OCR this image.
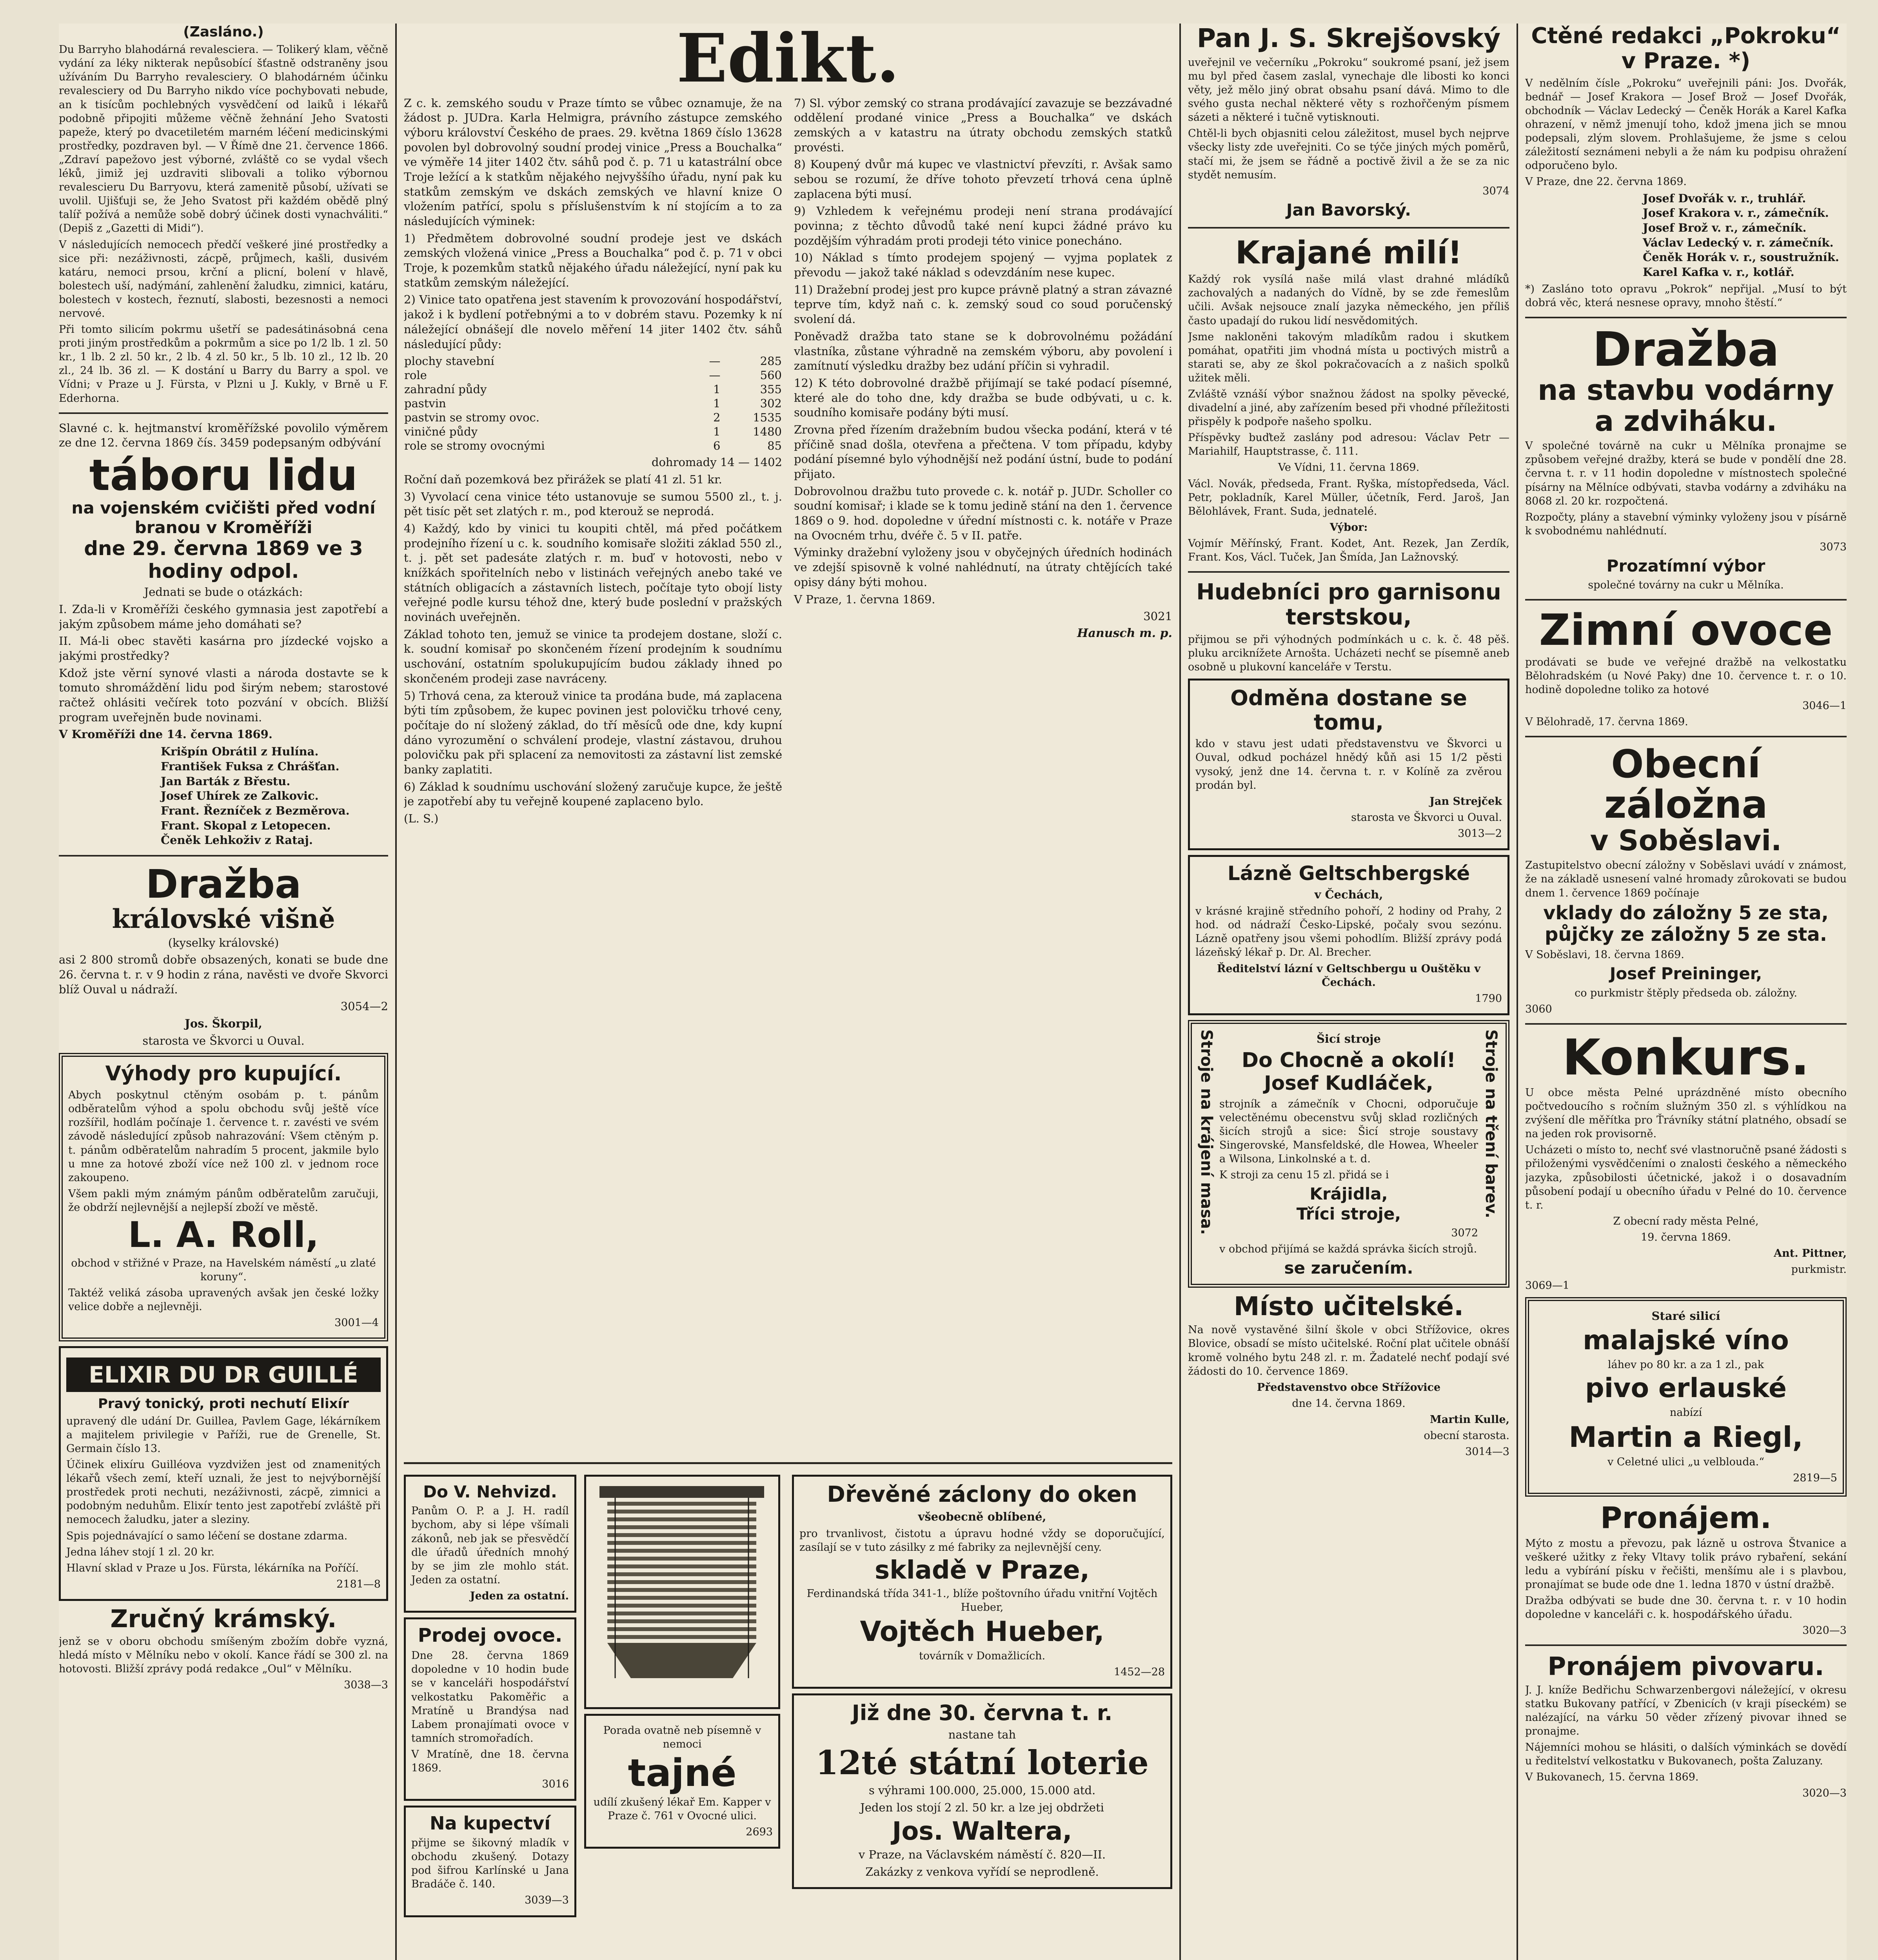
(Zasláno.)
Du Barryho blahodárná revalesciera. — Tolikerý klam, věčně vydání za léky nikterak nepůsobící šťastně odstraněny jsou užíváním Du Barryho revalesciery. O blahodárném účinku revalesciery od Du Barryho nikdo více pochybovati nebude, an k tisícům pochlebných vysvědčení od laiků i lékařů podobně připojiti můžeme věčně žehnání Jeho Svatosti papeže, který po dvacetiletém marném léčení medicinskými prostředky, pozdraven byl. — V Římě dne 21. července 1866. „Zdraví papežovo jest výborné, zvláště co se vydal všech léků, jimiž jej uzdraviti slibovali a toliko výbornou revalescieru Du Barryovu, která zamenitě působí, užívati se uvolil. Ujišťuji se, že Jeho Svatost při každém obědě plný talíř požívá a nemůže sobě dobrý účinek dosti vynachváliti.“ (Depiš z „Gazetti di Midi“).
V následujících nemocech předčí veškeré jiné prostředky a sice při: nezáživnosti, zácpě, průjmech, kašli, dusivém katáru, nemoci prsou, krční a plicní, bolení v hlavě, bolestech uší, nadýmání, zahlenění žaludku, zimnici, katáru, bolestech v kostech, řeznutí, slabosti, bezesnosti a nemoci nervové.
Při tomto silicím pokrmu ušetří se padesátinásobná cena proti jiným prostředkům a pokrmům a sice po 1/2 lb. 1 zl. 50 kr., 1 lb. 2 zl. 50 kr., 2 lb. 4 zl. 50 kr., 5 lb. 10 zl., 12 lb. 20 zl., 24 lb. 36 zl. — K dostání u Barry du Barry a spol. ve Vídni; v Praze u J. Fürsta, v Plzni u J. Kukly, v Brně u F. Ederhorna.
Slavné c. k. hejtmanství kroměřížské povolilo výměrem ze dne 12. června 1869 čís. 3459 podepsaným odbývání
táboru lidu
na vojenském cvičišti před vodní branou v Kroměříži
dne 29. června 1869 ve 3 hodiny odpol.
Jednati se bude o otázkách:
I. Zda-li v Kroměříži českého gymnasia jest zapotřebí a jakým způsobem máme jeho domáhati se?
II. Má-li obec stavěti kasárna pro jízdecké vojsko a jakými prostředky?
Kdož jste věrní synové vlasti a národa dostavte se k tomuto shromáždění lidu pod širým nebem; starostové račtež ohlásiti večírek toto pozvání v obcích. Bližší program uveřejněn bude novinami.
V Kroměříži dne 14. června 1869.
Krišpín Obrátil z Hulína.
František Fuksa z Chrášťan.
Jan Barták z Břestu.
Josef Uhírek ze Zalkovic.
Frant. Řezníček z Bezměrova.
Frant. Skopal z Letopecen.
Čeněk Lehkoživ z Rataj.
Dražba
královské višně
(kyselky královské)
asi 2 800 stromů dobře obsazených, konati se bude dne 26. června t. r. v 9 hodin z rána, navěsti ve dvoře Skvorci blíž Ouval u nádraží.
3054—2
Jos. Škorpil,
starosta ve Škvorci u Ouval.
Výhody pro kupující.
Abych poskytnul ctěným osobám p. t. pánům odběratelům výhod a spolu obchodu svůj ještě více rozšířil, hodlám počínaje 1. července t. r. zavésti ve svém závodě následující způsob nahrazování: Všem ctěným p. t. pánům odběratelům nahradím 5 procent, jakmile bylo u mne za hotové zboží více než 100 zl. v jednom roce zakoupeno.
Všem pakli mým známým pánům odběratelům zaručuji, že obdrží nejlevnější a nejlepší zboží ve městě.
L. A. Roll,
obchod v střižné v Praze, na Havelském náměstí „u zlaté koruny“.
Taktéž veliká zásoba upravených avšak jen české ložky velice dobře a nejlevněji.
3001—4
ELIXIR DU DR GUILLÉ
Pravý tonický, proti nechutí Elixír
upravený dle udání Dr. Guillea, Pavlem Gage, lékárníkem a majitelem privilegie v Paříži, rue de Grenelle, St. Germain číslo 13.
Účinek elixíru Guilléova vyzdvižen jest od znamenitých lékařů všech zemí, kteří uznali, že jest to nejvýbornější prostředek proti nechuti, nezáživnosti, zácpě, zimnici a podobným neduhům. Elixír tento jest zapotřebí zvláště při nemocech žaludku, jater a sleziny.
Spis pojednávající o samo léčení se dostane zdarma.
Jedna láhev stojí 1 zl. 20 kr.
Hlavní sklad v Praze u Jos. Fürsta, lékárníka na Poříčí.
2181—8
Zručný krámský.
jenž se v oboru obchodu smíšeným zbožím dobře vyzná, hledá místo v Mělníku nebo v okolí. Kance řádí se 300 zl. na hotovosti. Bližší zprávy podá redakce „Oul“ v Mělníku.
3038—3
Edikt.
Z c. k. zemského soudu v Praze tímto se vůbec oznamuje, že na žádost p. JUDra. Karla Helmigra, právního zástupce zemského výboru království Českého de praes. 29. května 1869 číslo 13628 povolen byl dobrovolný soudní prodej vinice „Press a Bouchalka“ ve výměře 14 jiter 1402 čtv. sáhů pod č. p. 71 u katastrální obce Troje ležící a k statkům nějakého nejvyššího úřadu, nyní pak ku statkům zemským ve dskách zemských ve hlavní knize O vložením patřící, spolu s příslušenstvím k ní stojícím a to za následujících výminek:
1) Předmětem dobrovolné soudní prodeje jest ve dskách zemských vložená vinice „Press a Bouchalka“ pod č. p. 71 v obci Troje, k pozemkům statků nějakého úřadu náležející, nyní pak ku statkům zemským náležející.
2) Vinice tato opatřena jest stavením k provozování hospodářství, jakož i k bydlení potřebnými a to v dobrém stavu. Pozemky k ní náležející obnášejí dle novelo měření 14 jiter 1402 čtv. sáhů následující půdy:
plochy stavební	—	285
role	—	560
zahradní půdy	1	355
pastvin	1	302
pastvin se stromy ovoc.	2	1535
viničné půdy	1	1480
role se stromy ovocnými	6	85
dohromady 14 — 1402
Roční daň pozemková bez přirážek se platí 41 zl. 51 kr.
3) Vyvolací cena vinice této ustanovuje se sumou 5500 zl., t. j. pět tisíc pět set zlatých r. m., pod kterouž se neprodá.
4) Každý, kdo by vinici tu koupiti chtěl, má před počátkem prodejního řízení u c. k. soudního komisaře složiti základ 550 zl., t. j. pět set padesáte zlatých r. m. buď v hotovosti, nebo v knížkách spořitelních nebo v listinách veřejných anebo také ve státních obligacích a zástavních listech, počítaje tyto obojí listy veřejné podle kursu téhož dne, který bude poslední v pražských novinách uveřejněn.
Základ tohoto ten, jemuž se vinice ta prodejem dostane, složí c. k. soudní komisař po skončeném řízení prodejním k soudnímu uschování, ostatním spolukupujícím budou základy ihned po skončeném prodeji zase navráceny.
5) Trhová cena, za kterouž vinice ta prodána bude, má zaplacena býti tím způsobem, že kupec povinen jest polovičku trhové ceny, počítaje do ní složený základ, do tří měsíců ode dne, kdy kupní dáno vyrozumění o schválení prodeje, vlastní zástavou, druhou polovičku pak při splacení za nemovitosti za zástavní list zemské banky zaplatiti.
6) Základ k soudnímu uschování složený zaručuje kupce, že ještě je zapotřebí aby tu veřejně koupené zaplaceno bylo.
(L. S.)
7) Sl. výbor zemský co strana prodávající zavazuje se bezzávadné oddělení prodané vinice „Press a Bouchalka“ ve dskách zemských a v katastru na útraty obchodu zemských statků provésti.
8) Koupený dvůr má kupec ve vlastnictví převzíti, r. Avšak samo sebou se rozumí, že dříve tohoto převzetí trhová cena úplně zaplacena býti musí.
9) Vzhledem k veřejnému prodeji není strana prodávající povinna; z těchto důvodů také není kupci žádné právo ku pozdějším výhradám proti prodeji této vinice ponecháno.
10) Náklad s tímto prodejem spojený — vyjma poplatek z převodu — jakož také náklad s odevzdáním nese kupec.
11) Dražební prodej jest pro kupce právně platný a stran závazné teprve tím, když naň c. k. zemský soud co soud poručenský svolení dá.
Poněvadž dražba tato stane se k dobrovolnému požádání vlastníka, zůstane výhradně na zemském výboru, aby povolení i zamítnutí výsledku dražby bez udání příčin si vyhradil.
12) K této dobrovolné dražbě přijímají se také podací písemné, které ale do toho dne, kdy dražba se bude odbývati, u c. k. soudního komisaře podány býti musí.
Zrovna před řízením dražebním budou všecka podání, která v té příčině snad došla, otevřena a přečtena. V tom případu, kdyby podání písemné bylo výhodnější než podání ústní, bude to podání přijato.
Dobrovolnou dražbu tuto provede c. k. notář p. JUDr. Scholler co soudní komisař; i klade se k tomu jedině stání na den 1. července 1869 o 9. hod. dopoledne v úřední místnosti c. k. notáře v Praze na Ovocném trhu, dvéře č. 5 v II. patře.
Výminky dražební vyloženy jsou v obyčejných úředních hodinách ve zdejší spisovně k volné nahlédnutí, na útraty chtějících také opisy dány býti mohou.
V Praze, 1. června 1869.
3021
Hanusch m. p.
Do V. Nehvizd.
Panům O. P. a J. H. radíl bychom, aby si lépe všímali zákonů, neb jak se přesvědčí dle úřadů úředních mnohý by se jim zle mohlo stát. Jeden za ostatní.
Jeden za ostatní.
Prodej ovoce.
Dne 28. června 1869 dopoledne v 10 hodin bude se v kanceláři hospodářství velkostatku Pakoměřic a Mratíně u Brandýsa nad Labem pronajímati ovoce v tamních stromořadích.
V Mratíně, dne 18. června 1869.
3016
Na kupectví
přijme se šikovný mladík v obchodu zkušený. Dotazy pod šifrou Karlínské u Jana Bradáče č. 140.
3039—3
Porada ovatně neb písemně v nemoci
tajné
udílí zkušený lékař Em. Kapper v Praze č. 761 v Ovocné ulici.
2693
Dřevěné záclony do oken
všeobecně oblíbené,
pro trvanlivost, čistotu a úpravu hodné vždy se doporučující, zasílají se v tuto zásilky z mé fabriky za nejlevnější ceny.
skladě v Praze,
Ferdinandská třída 341-1., blíže poštovního úřadu vnitřní Vojtěch Hueber,
Vojtěch Hueber,
továrník v Domažlicích.
1452—28
Již dne 30. června t. r.
nastane tah
12té státní loterie
s výhrami 100.000, 25.000, 15.000 atd.
Jeden los stojí 2 zl. 50 kr. a lze jej obdržeti
Jos. Waltera,
v Praze, na Václavském náměstí č. 820—II.
Zakázky z venkova vyřídí se neprodleně.
Pan J. S. Skrejšovský
uveřejnil ve večerníku „Pokroku“ soukromé psaní, jež jsem mu byl před časem zaslal, vynechaje dle libosti ko konci věty, jež mělo jiný obrat obsahu psaní dává. Mimo to dle svého gusta nechal některé věty s rozhořčeným písmem sázeti a některé i tučně vytisknouti.
Chtěl-li bych objasniti celou záležitost, musel bych nejprve všecky listy zde uveřejniti. Co se týče jiných mých poměrů, stačí mi, že jsem se řádně a poctivě živil a že se za nic stydět nemusím.
3074
Jan Bavorský.
Krajané milí!
Každý rok vysílá naše milá vlast drahné mládíků zachovalých a nadaných do Vídně, by se zde řemeslům učili. Avšak nejsouce znalí jazyka německého, jen příliš často upadají do rukou lidí nesvědomitých.
Jsme nakloněni takovým mladíkům radou i skutkem pomáhat, opatřiti jim vhodná místa u poctivých mistrů a starati se, aby ze škol pokračovacích a z našich spolků užitek měli.
Zvláště vznáší výbor snažnou žádost na spolky pěvecké, divadelní a jiné, aby zařízením besed při vhodné příležitosti přispěly k podpoře našeho spolku.
Příspěvky buďtež zaslány pod adresou: Václav Petr — Mariahilf, Hauptstrasse, č. 111.
Ve Vídni, 11. června 1869.
Václ. Novák, předseda, Frant. Ryška, místopředseda, Václ. Petr, pokladník, Karel Müller, účetník, Ferd. Jaroš, Jan Bělohlávek, Frant. Suda, jednatelé.
Výbor:
Vojmír Měřínský, Frant. Kodet, Ant. Rezek, Jan Zerdík, Frant. Kos, Václ. Tuček, Jan Šmída, Jan Lažnovský.
Hudebníci pro garnisonu terstskou,
přijmou se při výhodných podmínkách u c. k. č. 48 pěš. pluku arciknížete Arnošta. Ucházeti nechť se písemně aneb osobně u plukovní kanceláře v Terstu.
Odměna dostane se tomu,
kdo v stavu jest udati představenstvu ve Škvorci u Ouval, odkud pocházel hnědý kůň asi 15 1/2 pěsti vysoký, jenž dne 14. června t. r. v Kolíně za zvěrou prodán byl.
Jan Strejček
starosta ve Škvorci u Ouval.
3013—2
Lázně Geltschbergské
v Čechách,
v krásné krajině středního pohoří, 2 hodiny od Prahy, 2 hod. od nádraží Česko-Lipské, počaly svou sezónu. Lázně opatřeny jsou všemi pohodlím. Bližší zprávy podá lázeňský lékař p. Dr. Al. Brecher.
Ředitelství lázní v Geltschbergu u Ouštěku v Čechách.
1790
Stroje na krájení masa.	Šicí stroje
Do Chocně a okolí!
Josef Kudláček,
strojník a zámečník v Chocni, odporučuje velectěnému obecenstvu svůj sklad rozličných šicích strojů a sice: Šicí stroje soustavy Singerovské, Mansfeldské, dle Howea, Wheeler a Wilsona, Linkolnské a t. d.
K stroji za cenu 15 zl. přidá se i
Krájidla,
Tříci stroje,
3072
v obchod přijímá se každá správka šicích strojů.
se zaručením.
Stroje na tření barev.
Místo učitelské.
Na nově vystavěné šilní škole v obci Střížovice, okres Blovice, obsadí se místo učitelské. Roční plat učitele obnáší kromě volného bytu 248 zl. r. m. Žadatelé nechť podají své žádosti do 10. července 1869.
Představenstvo obce Střížovice
dne 14. června 1869.
Martin Kulle,
obecní starosta.
3014—3
Ctěné redakci „Pokroku“ v Praze. *)
V nedělním čísle „Pokroku“ uveřejnili páni: Jos. Dvořák, bednář — Josef Krakora — Josef Brož — Josef Dvořák, obchodník — Václav Ledecký — Čeněk Horák a Karel Kafka ohrazení, v němž jmenují toho, kdož jmena jich se mnou podepsali, zlým slovem. Prohlašujeme, že jsme s celou záležitostí seznámeni nebyli a že nám ku podpisu ohražení odporučeno bylo.
V Praze, dne 22. června 1869.
Josef Dvořák v. r., truhlář.
Josef Krakora v. r., zámečník.
Josef Brož v. r., zámečník.
Václav Ledecký v. r. zámečník.
Čeněk Horák v. r., soustružník.
Karel Kafka v. r., kotlář.
*) Zasláno toto opravu „Pokrok“ nepřijal. „Musí to být dobrá věc, která nesnese opravy, mnoho štěstí.“
Dražba
na stavbu vodárny a zdviháku.
V společné továrně na cukr u Mělníka pronajme se způsobem veřejné dražby, která se bude v pondělí dne 28. června t. r. v 11 hodin dopoledne v místnostech společné písárny na Mělníce odbývati, stavba vodárny a zdviháku na 8068 zl. 20 kr. rozpočtená.
Rozpočty, plány a stavební výminky vyloženy jsou v písárně k svobodnému nahlédnutí.
3073
Prozatímní výbor
společné továrny na cukr u Mělníka.
Zimní ovoce
prodávati se bude ve veřejné dražbě na velkostatku Bělohradském (u Nové Paky) dne 10. července t. r. o 10. hodině dopoledne toliko za hotové
3046—1
V Bělohradě, 17. června 1869.
Obecní záložna
v Soběslavi.
Zastupitelstvo obecní záložny v Soběslavi uvádí v známost, že na základě usnesení valné hromady zůrokovati se budou dnem 1. července 1869 počínaje
vklady do záložny 5 ze sta,
půjčky ze záložny 5 ze sta.
V Soběslavi, 18. června 1869.
Josef Preininger,
co purkmistr štěply předseda ob. záložny.
3060
Konkurs.
U obce města Pelné uprázdněné místo obecního počtvedoucího s ročním služným 350 zl. s výhlídkou na zvýšení dle měřítka pro Ťrávníky státní platného, obsadí se na jeden rok provisorně.
Ucházeti o místo to, nechť své vlastnoručně psané žádosti s přiloženými vysvědčeními o znalosti českého a německého jazyka, způsobilosti účetnické, jakož i o dosavadním působení podají u obecního úřadu v Pelné do 10. července t. r.
Z obecní rady města Pelné,
19. června 1869.
Ant. Pittner,
purkmistr.
3069—1
Staré silicí
malajské víno
láhev po 80 kr. a za 1 zl., pak
pivo erlauské
nabízí
Martin a Riegl,
v Celetné ulici „u velblouda.“
2819—5
Pronájem.
Mýto z mostu a převozu, pak lázně u ostrova Štvanice a veškeré užitky z řeky Vltavy tolik právo rybaření, sekání ledu a vybírání písku v řečišti, menšímu ale i s plavbou, pronajímat se bude ode dne 1. ledna 1870 v ústní dražbě.
Dražba odbývati se bude dne 30. června t. r. v 10 hodin dopoledne v kanceláři c. k. hospodářského úřadu.
3020—3
Pronájem pivovaru.
J. J. kníže Bedřichu Schwarzenbergovi náležející, v okresu statku Bukovany patřící, v Zbenicích (v kraji píseckém) se nalézající, na várku 50 věder zřízený pivovar ihned se pronajme.
Nájemníci mohou se hlásiti, o dalších výminkách se dovědí u ředitelství velkostatku v Bukovanech, pošta Zaluzany.
V Bukovanech, 15. června 1869.
3020—3
